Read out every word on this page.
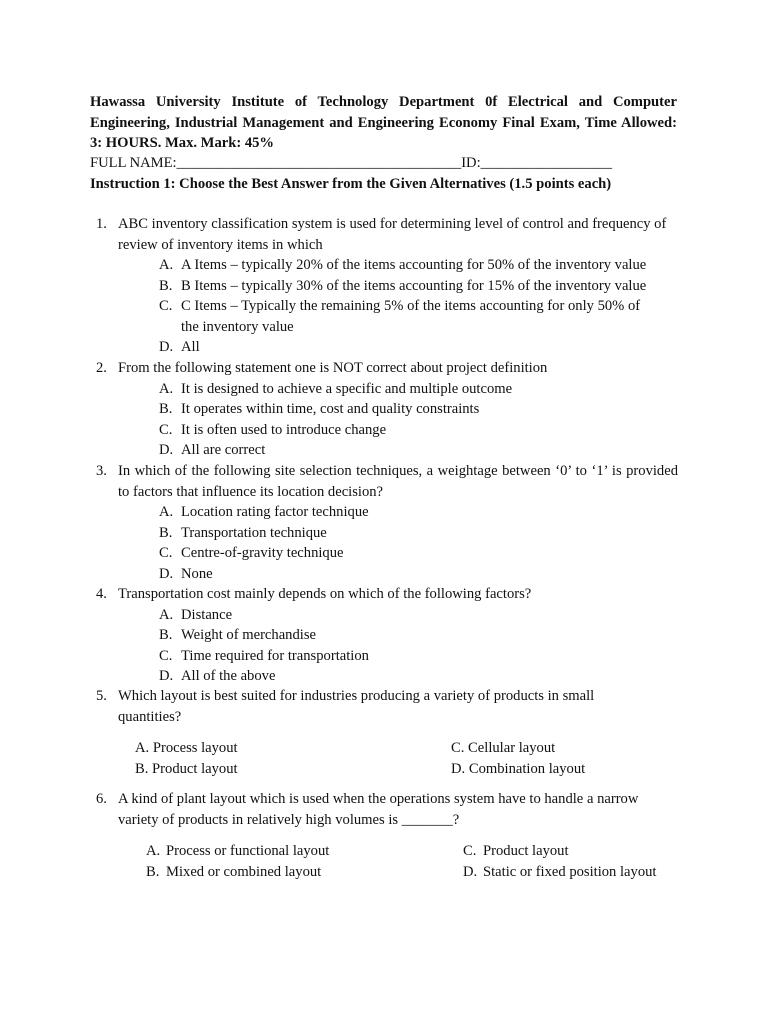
Hawassa University Institute of Technology Department 0f Electrical and Computer Engineering, Industrial Management and Engineering Economy Final Exam, Time Allowed: 3: HOURS. Max. Mark: 45%
FULL NAME:_______________________________________ID:__________________
Instruction 1: Choose the Best Answer from the Given Alternatives (1.5 points each)
1. ABC inventory classification system is used for determining level of control and frequency of review of inventory items in which
A. A Items – typically 20% of the items accounting for 50% of the inventory value
B. B Items – typically 30% of the items accounting for 15% of the inventory value
C. C Items – Typically the remaining 5% of the items accounting for only 50% of the inventory value
D. All
2. From the following statement one is NOT correct about project definition
A. It is designed to achieve a specific and multiple outcome
B. It operates within time, cost and quality constraints
C. It is often used to introduce change
D. All are correct
3. In which of the following site selection techniques, a weightage between ‘0’ to ‘1’ is provided to factors that influence its location decision?
A. Location rating factor technique
B. Transportation technique
C. Centre-of-gravity technique
D. None
4. Transportation cost mainly depends on which of the following factors?
A. Distance
B. Weight of merchandise
C. Time required for transportation
D. All of the above
5. Which layout is best suited for industries producing a variety of products in small quantities?
A. Process layout
B. Product layout
C. Cellular layout
D. Combination layout
6. A kind of plant layout which is used when the operations system have to handle a narrow variety of products in relatively high volumes is _______?
A. Process or functional layout
B. Mixed or combined layout
C. Product layout
D. Static or fixed position layout
